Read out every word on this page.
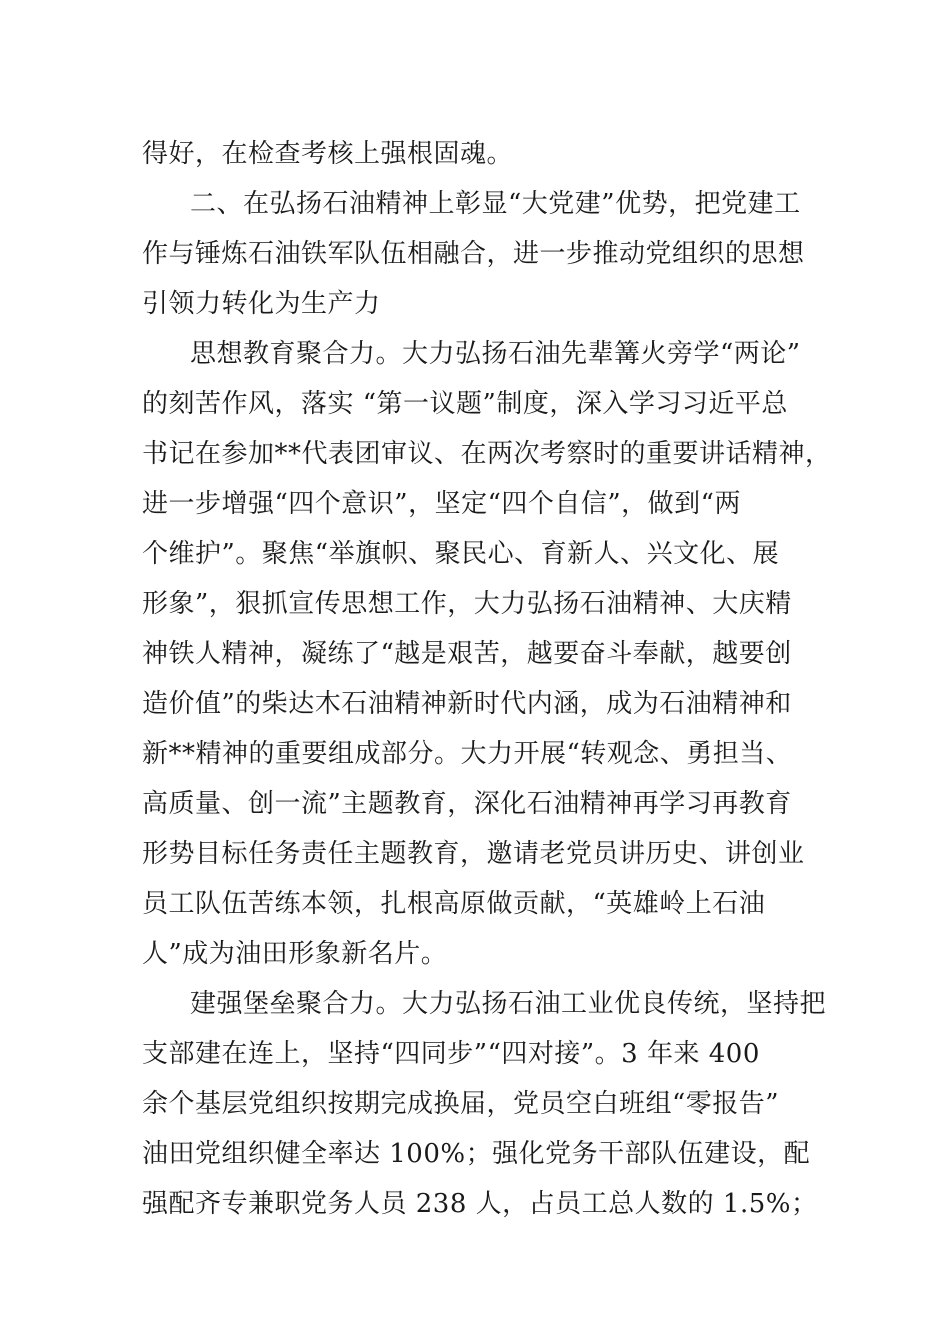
得好，在检查考核上强根固魂。
二、在弘扬石油精神上彰显“大党建”优势，把党建工
作与锤炼石油铁军队伍相融合，进一步推动党组织的思想
引领力转化为生产力
思想教育聚合力。大力弘扬石油先辈篝火旁学“两论”
的刻苦作风，落实 “第一议题”制度，深入学习习近平总
书记在参加**代表团审议、在两次考察时的重要讲话精神，
进一步增强“四个意识”，坚定“四个自信”，做到“两
个维护”。聚焦“举旗帜、聚民心、育新人、兴文化、展
形象”，狠抓宣传思想工作，大力弘扬石油精神、大庆精
神铁人精神，凝练了“越是艰苦，越要奋斗奉献，越要创
造价值”的柴达木石油精神新时代内涵，成为石油精神和
新**精神的重要组成部分。大力开展“转观念、勇担当、
高质量、创一流”主题教育，深化石油精神再学习再教育
形势目标任务责任主题教育，邀请老党员讲历史、讲创业
员工队伍苦练本领，扎根高原做贡献，“英雄岭上石油
人”成为油田形象新名片。
建强堡垒聚合力。大力弘扬石油工业优良传统，坚持把
支部建在连上，坚持“四同步”“四对接”。3 年来 400
余个基层党组织按期完成换届，党员空白班组“零报告”
油田党组织健全率达 100%；强化党务干部队伍建设，配
强配齐专兼职党务人员 238 人，占员工总人数的 1.5%；
